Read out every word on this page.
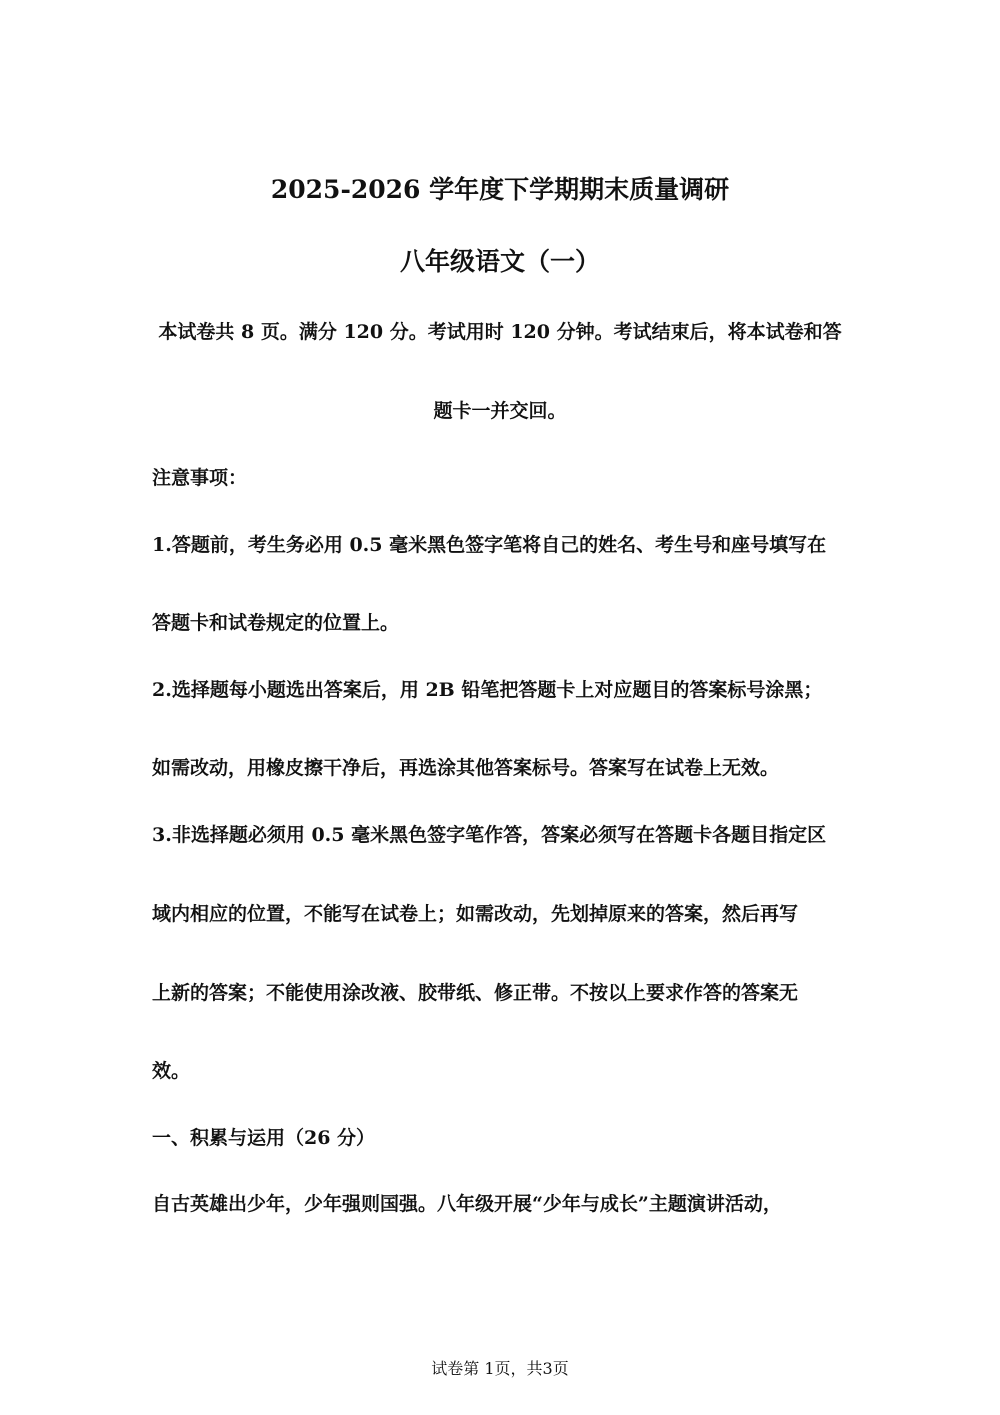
2025-2026 学年度下学期期末质量调研
八年级语文（一）

本试卷共 8 页。满分 120 分。考试用时 120 分钟。考试结束后，将本试卷和答

题卡一并交回。

注意事项：

1.答题前，考生务必用 0.5 毫米黑色签字笔将自己的姓名、考生号和座号填写在

答题卡和试卷规定的位置上。

2.选择题每小题选出答案后，用 2B 铅笔把答题卡上对应题目的答案标号涂黑；

如需改动，用橡皮擦干净后，再选涂其他答案标号。答案写在试卷上无效。

3.非选择题必须用 0.5 毫米黑色签字笔作答，答案必须写在答题卡各题目指定区

域内相应的位置，不能写在试卷上；如需改动，先划掉原来的答案，然后再写

上新的答案；不能使用涂改液、胶带纸、修正带。不按以上要求作答的答案无

效。

一、积累与运用（26 分）

自古英雄出少年，少年强则国强。八年级开展“少年与成长”主题演讲活动，

试卷第 1页，共3页
